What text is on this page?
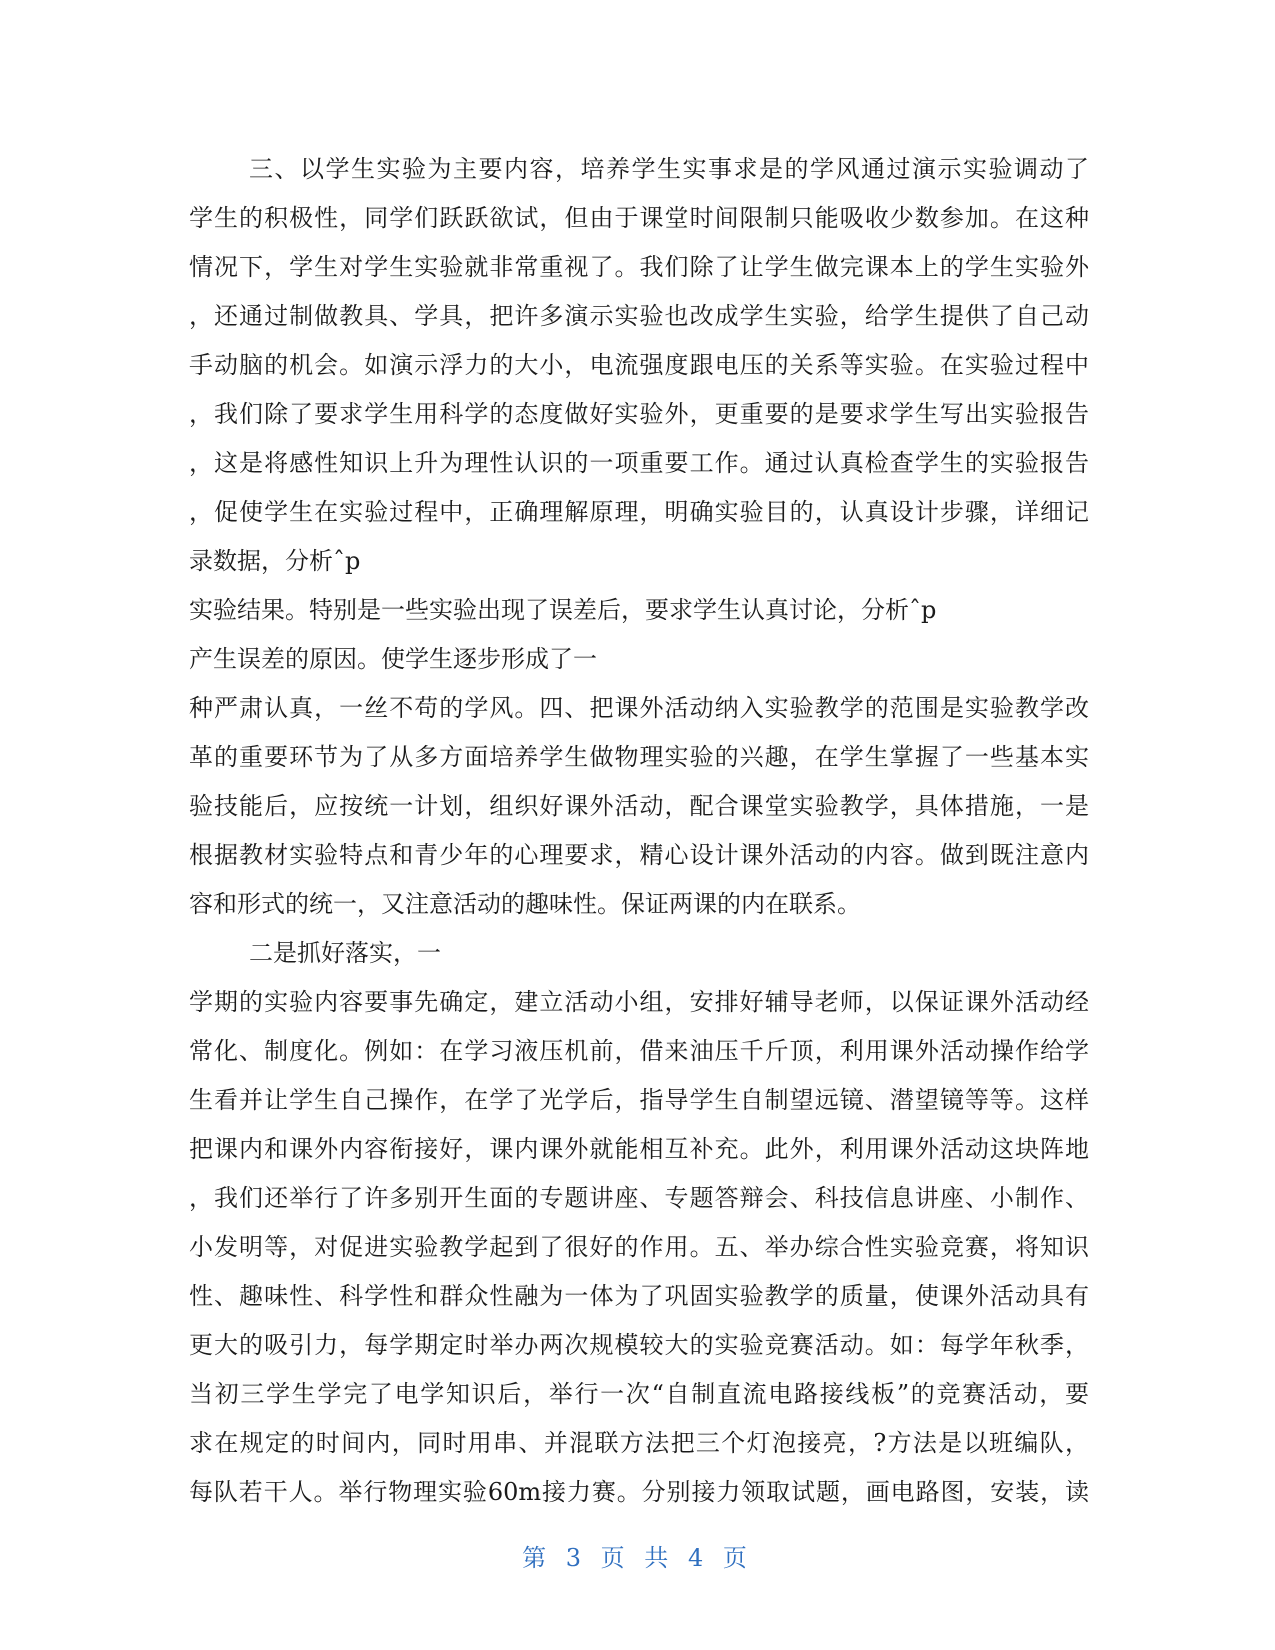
三、以学生实验为主要内容，培养学生实事求是的学风通过演示实验调动了
学生的积极性，同学们跃跃欲试，但由于课堂时间限制只能吸收少数参加。在这种
情况下，学生对学生实验就非常重视了。我们除了让学生做完课本上的学生实验外
，还通过制做教具、学具，把许多演示实验也改成学生实验，给学生提供了自己动
手动脑的机会。如演示浮力的大小，电流强度跟电压的关系等实验。在实验过程中
，我们除了要求学生用科学的态度做好实验外，更重要的是要求学生写出实验报告
，这是将感性知识上升为理性认识的一项重要工作。通过认真检查学生的实验报告
，促使学生在实验过程中，正确理解原理，明确实验目的，认真设计步骤，详细记
录数据，分析ˆp
实验结果。特别是一些实验出现了误差后，要求学生认真讨论，分析ˆp
产生误差的原因。使学生逐步形成了一
种严肃认真，一丝不苟的学风。四、把课外活动纳入实验教学的范围是实验教学改
革的重要环节为了从多方面培养学生做物理实验的兴趣，在学生掌握了一些基本实
验技能后，应按统一计划，组织好课外活动，配合课堂实验教学，具体措施，一是
根据教材实验特点和青少年的心理要求，精心设计课外活动的内容。做到既注意内
容和形式的统一，又注意活动的趣味性。保证两课的内在联系。
二是抓好落实，一
学期的实验内容要事先确定，建立活动小组，安排好辅导老师，以保证课外活动经
常化、制度化。例如：在学习液压机前，借来油压千斤顶，利用课外活动操作给学
生看并让学生自己操作，在学了光学后，指导学生自制望远镜、潜望镜等等。这样
把课内和课外内容衔接好，课内课外就能相互补充。此外，利用课外活动这块阵地
，我们还举行了许多别开生面的专题讲座、专题答辩会、科技信息讲座、小制作、
小发明等，对促进实验教学起到了很好的作用。五、举办综合性实验竞赛，将知识
性、趣味性、科学性和群众性融为一体为了巩固实验教学的质量，使课外活动具有
更大的吸引力，每学期定时举办两次规模较大的实验竞赛活动。如：每学年秋季，
当初三学生学完了电学知识后，举行一次“自制直流电路接线板”的竞赛活动，要
求在规定的时间内，同时用串、并混联方法把三个灯泡接亮，?方法是以班编队，
每队若干人。举行物理实验60m接力赛。分别接力领取试题，画电路图，安装，读
第 3 页 共 4 页
